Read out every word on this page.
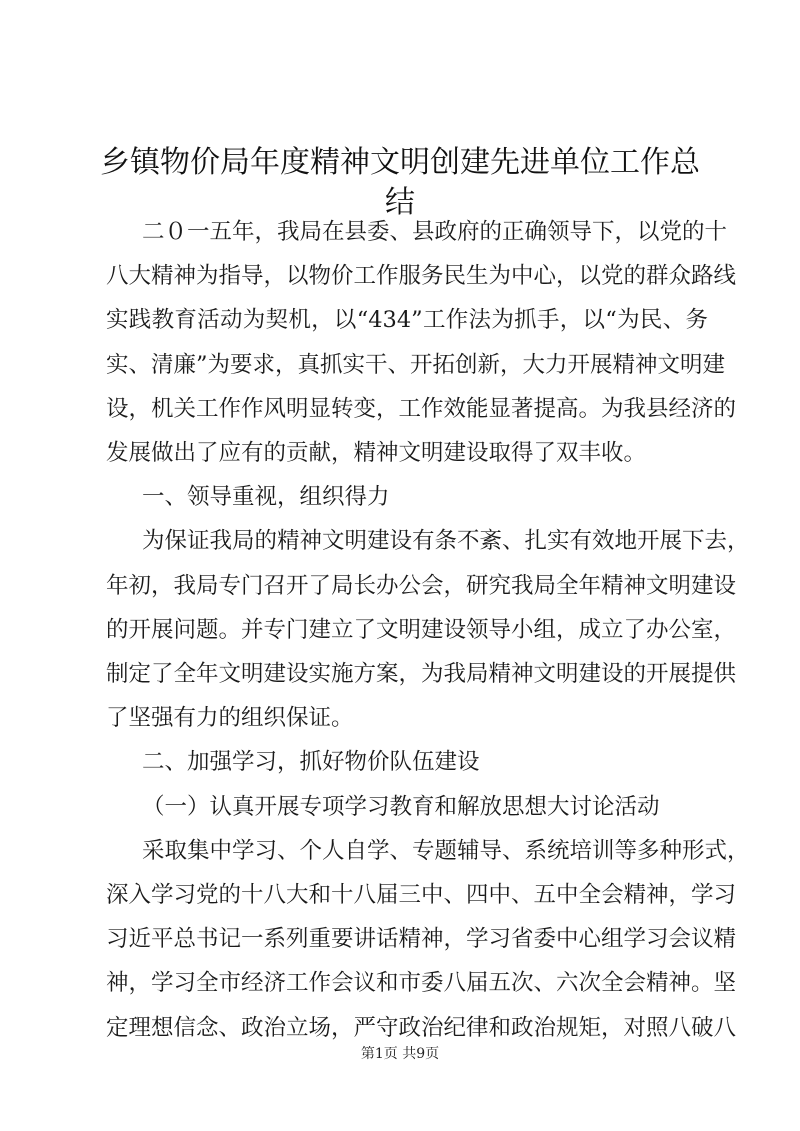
乡镇物价局年度精神文明创建先进单位工作总
结
二０一五年，我局在县委、县政府的正确领导下，以党的十
八大精神为指导，以物价工作服务民生为中心，以党的群众路线
实践教育活动为契机，以“434”工作法为抓手，以“为民、务
实、清廉”为要求，真抓实干、开拓创新，大力开展精神文明建
设，机关工作作风明显转变，工作效能显著提高。为我县经济的
发展做出了应有的贡献，精神文明建设取得了双丰收。
一、领导重视，组织得力
为保证我局的精神文明建设有条不紊、扎实有效地开展下去，
年初，我局专门召开了局长办公会，研究我局全年精神文明建设
的开展问题。并专门建立了文明建设领导小组，成立了办公室，
制定了全年文明建设实施方案，为我局精神文明建设的开展提供
了坚强有力的组织保证。
二、加强学习，抓好物价队伍建设
（一）认真开展专项学习教育和解放思想大讨论活动
采取集中学习、个人自学、专题辅导、系统培训等多种形式，
深入学习党的十八大和十八届三中、四中、五中全会精神，学习
习近平总书记一系列重要讲话精神，学习省委中心组学习会议精
神，学习全市经济工作会议和市委八届五次、六次全会精神。坚
定理想信念、政治立场，严守政治纪律和政治规矩，对照八破八
第1页 共9页
